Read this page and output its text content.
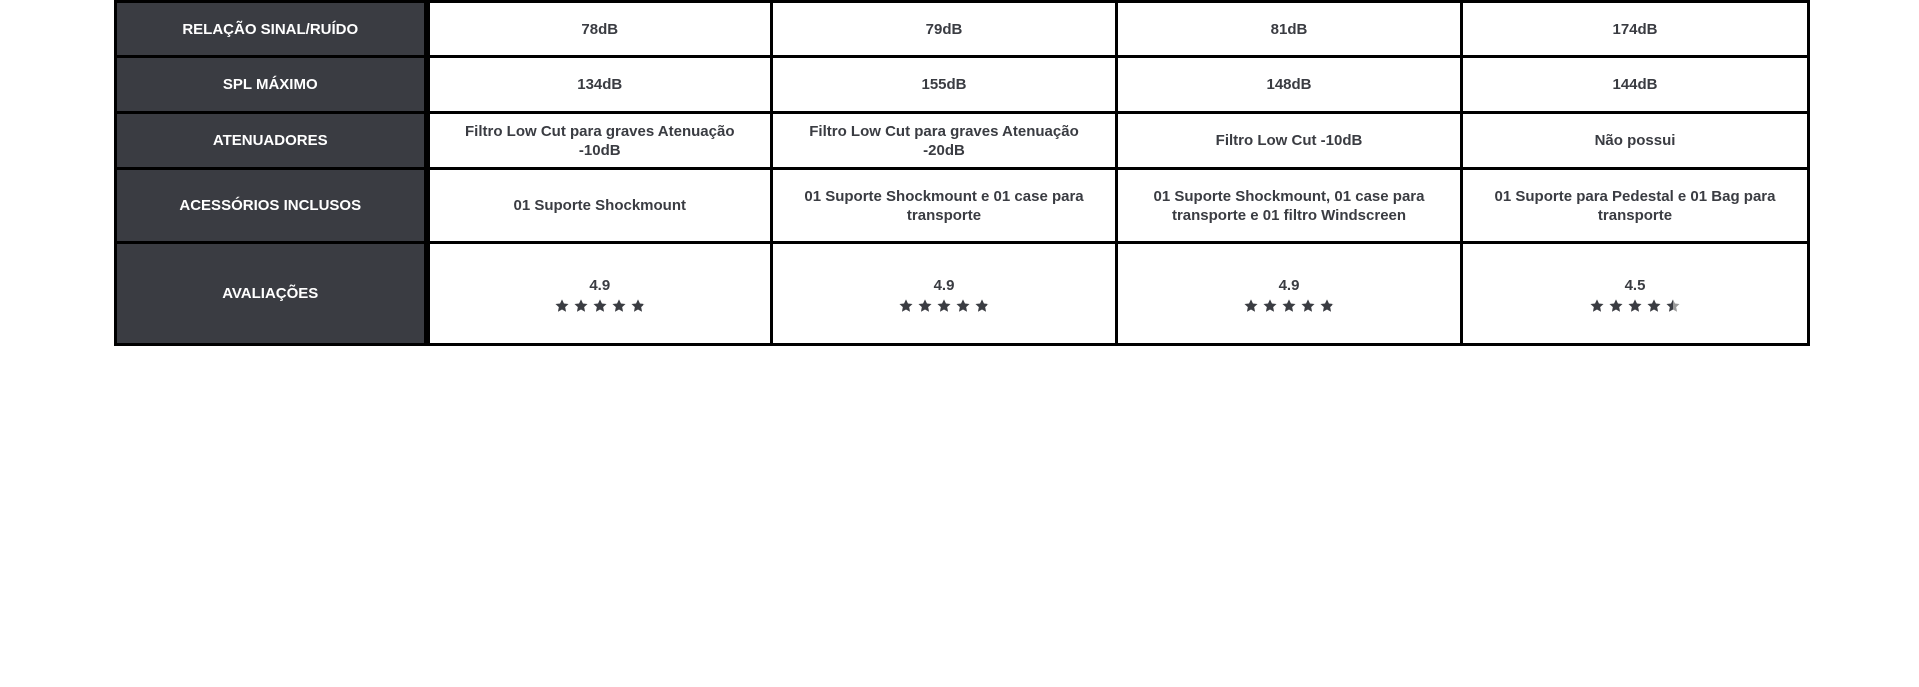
RELAÇÃO SINAL/RUÍDO	78dB	79dB	81dB	174dB
SPL MÁXIMO	134dB	155dB	148dB	144dB
ATENUADORES	Filtro Low Cut para graves Atenuação -10dB	Filtro Low Cut para graves Atenuação -20dB	Filtro Low Cut -10dB	Não possui
ACESSÓRIOS INCLUSOS	01 Suporte Shockmount	01 Suporte Shockmount e 01 case para transporte	01 Suporte Shockmount, 01 case para transporte e 01 filtro Windscreen	01 Suporte para Pedestal e 01 Bag para transporte
AVALIAÇÕES	4.9	4.9	4.9	4.5
